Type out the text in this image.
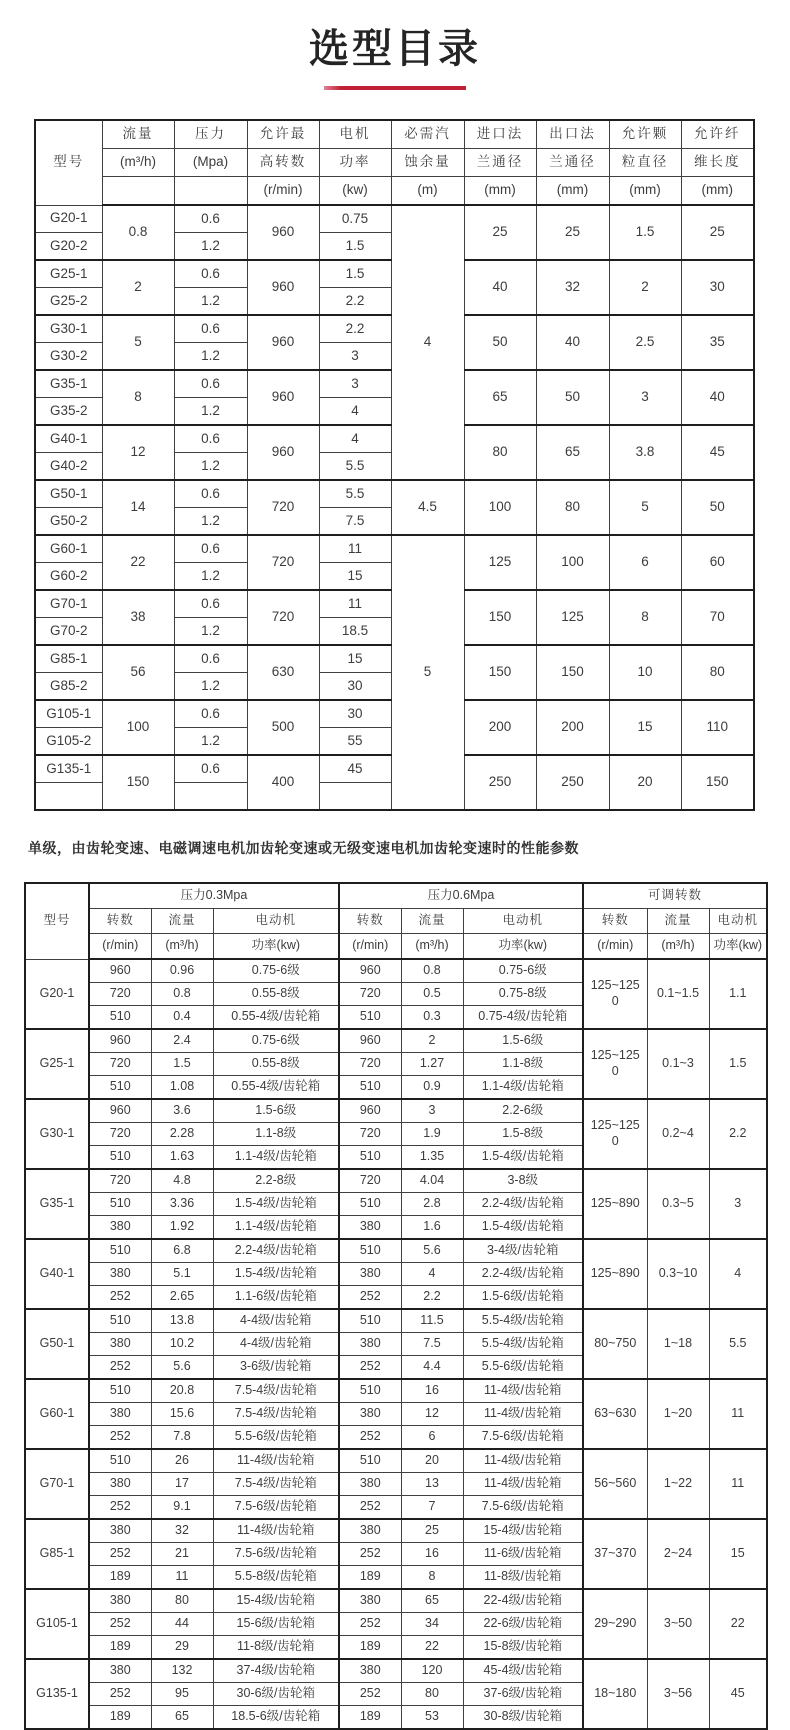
选型目录
型号	流量	压力	允许最	电机	必需汽	进口法	出口法	允许颗	允许纤
	(m³/h)	(Mpa)	高转数	功率	蚀余量	兰通径	兰通径	粒直径	维长度
			(r/min)	(kw)	(m)	(mm)	(mm)	(mm)	(mm)
G20-1	0.8	0.6	960	0.75	4	25	25	1.5	25
G20-2		1.2		1.5					
G25-1	2	0.6	960	1.5		40	32	2	30
G25-2		1.2		2.2					
G30-1	5	0.6	960	2.2		50	40	2.5	35
G30-2		1.2		3					
G35-1	8	0.6	960	3		65	50	3	40
G35-2		1.2		4					
G40-1	12	0.6	960	4		80	65	3.8	45
G40-2		1.2		5.5					
G50-1	14	0.6	720	5.5	4.5	100	80	5	50
G50-2		1.2		7.5					
G60-1	22	0.6	720	11	5	125	100	6	60
G60-2		1.2		15					
G70-1	38	0.6	720	11		150	125	8	70
G70-2		1.2		18.5					
G85-1	56	0.6	630	15		150	150	10	80
G85-2		1.2		30					
G105-1	100	0.6	500	30		200	200	15	110
G105-2		1.2		55					
G135-1	150	0.6	400	45		250	250	20	150

单级，由齿轮变速、电磁调速电机加齿轮变速或无级变速电机加齿轮变速时的性能参数

型号	压力0.3Mpa			压力0.6Mpa			可调转数		
	转数	流量	电动机	转数	流量	电动机	转数	流量	电动机
	(r/min)	(m³/h)	功率(kw)	(r/min)	(m³/h)	功率(kw)	(r/min)	(m³/h)	功率(kw)
G20-1	960	0.96	0.75-6级	960	0.8	0.75-6级	125~1250	0.1~1.5	1.1
	720	0.8	0.55-8级	720	0.5	0.75-8级			
	510	0.4	0.55-4级/齿轮箱	510	0.3	0.75-4级/齿轮箱			
G25-1	960	2.4	0.75-6级	960	2	1.5-6级	125~1250	0.1~3	1.5
	720	1.5	0.55-8级	720	1.27	1.1-8级			
	510	1.08	0.55-4级/齿轮箱	510	0.9	1.1-4级/齿轮箱			
G30-1	960	3.6	1.5-6级	960	3	2.2-6级	125~1250	0.2~4	2.2
	720	2.28	1.1-8级	720	1.9	1.5-8级			
	510	1.63	1.1-4级/齿轮箱	510	1.35	1.5-4级/齿轮箱			
G35-1	720	4.8	2.2-8级	720	4.04	3-8级	125~890	0.3~5	3
	510	3.36	1.5-4级/齿轮箱	510	2.8	2.2-4级/齿轮箱			
	380	1.92	1.1-4级/齿轮箱	380	1.6	1.5-4级/齿轮箱			
G40-1	510	6.8	2.2-4级/齿轮箱	510	5.6	3-4级/齿轮箱	125~890	0.3~10	4
	380	5.1	1.5-4级/齿轮箱	380	4	2.2-4级/齿轮箱			
	252	2.65	1.1-6级/齿轮箱	252	2.2	1.5-6级/齿轮箱			
G50-1	510	13.8	4-4级/齿轮箱	510	11.5	5.5-4级/齿轮箱	80~750	1~18	5.5
	380	10.2	4-4级/齿轮箱	380	7.5	5.5-4级/齿轮箱			
	252	5.6	3-6级/齿轮箱	252	4.4	5.5-6级/齿轮箱			
G60-1	510	20.8	7.5-4级/齿轮箱	510	16	11-4级/齿轮箱	63~630	1~20	11
	380	15.6	7.5-4级/齿轮箱	380	12	11-4级/齿轮箱			
	252	7.8	5.5-6级/齿轮箱	252	6	7.5-6级/齿轮箱			
G70-1	510	26	11-4级/齿轮箱	510	20	11-4级/齿轮箱	56~560	1~22	11
	380	17	7.5-4级/齿轮箱	380	13	11-4级/齿轮箱			
	252	9.1	7.5-6级/齿轮箱	252	7	7.5-6级/齿轮箱			
G85-1	380	32	11-4级/齿轮箱	380	25	15-4级/齿轮箱	37~370	2~24	15
	252	21	7.5-6级/齿轮箱	252	16	11-6级/齿轮箱			
	189	11	5.5-8级/齿轮箱	189	8	11-8级/齿轮箱			
G105-1	380	80	15-4级/齿轮箱	380	65	22-4级/齿轮箱	29~290	3~50	22
	252	44	15-6级/齿轮箱	252	34	22-6级/齿轮箱			
	189	29	11-8级/齿轮箱	189	22	15-8级/齿轮箱			
G135-1	380	132	37-4级/齿轮箱	380	120	45-4级/齿轮箱	18~180	3~56	45
	252	95	30-6级/齿轮箱	252	80	37-6级/齿轮箱			
	189	65	18.5-6级/齿轮箱	189	53	30-8级/齿轮箱			
